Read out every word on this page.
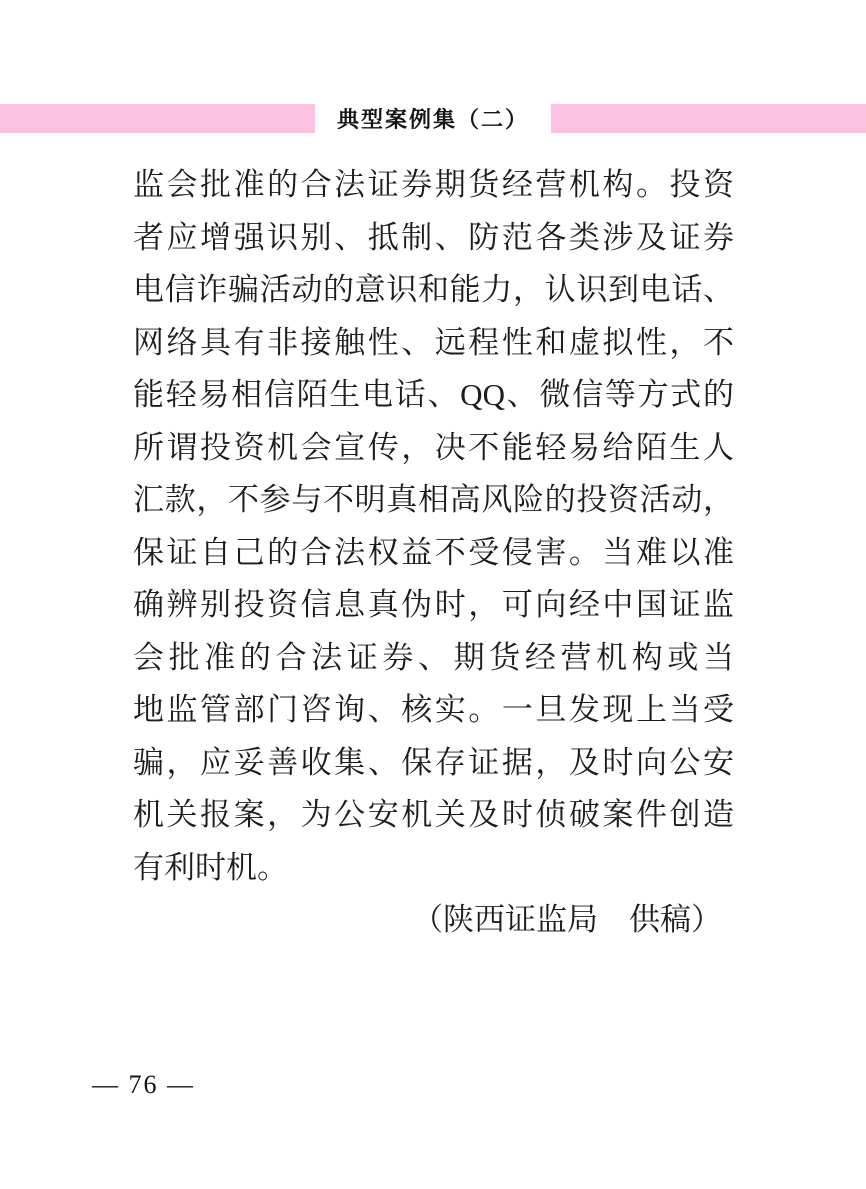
典型案例集（二）
监会批准的合法证券期货经营机构。投资
者应增强识别、抵制、防范各类涉及证券
电信诈骗活动的意识和能力，认识到电话、
网络具有非接触性、远程性和虚拟性，不
能轻易相信陌生电话、QQ、微信等方式的
所谓投资机会宣传，决不能轻易给陌生人
汇款，不参与不明真相高风险的投资活动，
保证自己的合法权益不受侵害。当难以准
确辨别投资信息真伪时，可向经中国证监
会批准的合法证券、期货经营机构或当
地监管部门咨询、核实。一旦发现上当受
骗，应妥善收集、保存证据，及时向公安
机关报案，为公安机关及时侦破案件创造
有利时机。
（陕西证监局　供稿）
— 76 —
